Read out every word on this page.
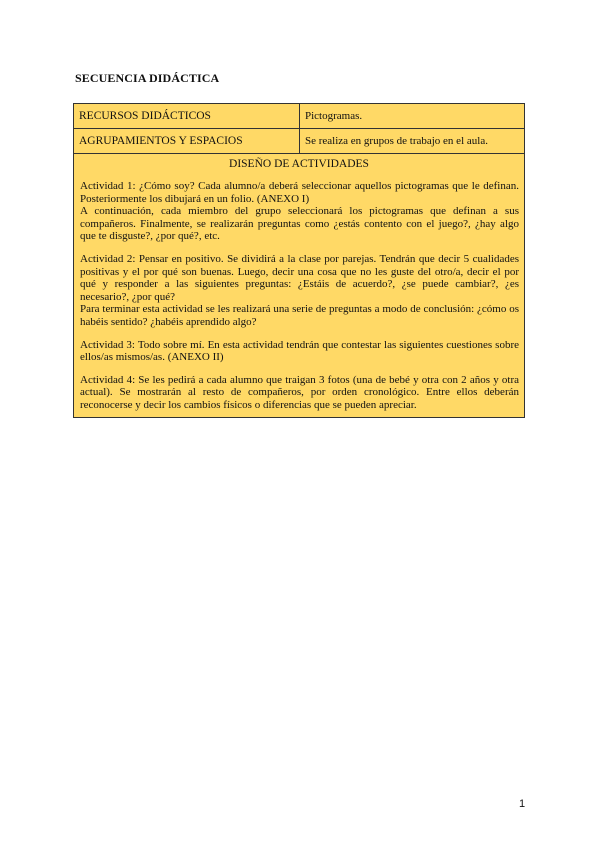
SECUENCIA DIDÁCTICA
RECURSOS DIDÁCTICOS	Pictogramas.
AGRUPAMIENTOS Y ESPACIOS	Se realiza en grupos de trabajo en el aula.
DISEÑO DE ACTIVIDADES

Actividad 1: ¿Cómo soy? Cada alumno/a deberá seleccionar aquellos pictogramas que le definan. Posteriormente los dibujará en un folio. (ANEXO I)
A continuación, cada miembro del grupo seleccionará los pictogramas que definan a sus compañeros. Finalmente, se realizarán preguntas como ¿estás contento con el juego?, ¿hay algo que te disguste?, ¿por qué?, etc.

Actividad 2: Pensar en positivo. Se dividirá a la clase por parejas. Tendrán que decir 5 cualidades positivas y el por qué son buenas. Luego, decir una cosa que no les guste del otro/a, decir el por qué y responder a las siguientes preguntas: ¿Estáis de acuerdo?, ¿se puede cambiar?, ¿es necesario?, ¿por qué?
Para terminar esta actividad se les realizará una serie de preguntas a modo de conclusión: ¿cómo os habéis sentido? ¿habéis aprendido algo?

Actividad 3: Todo sobre mí. En esta actividad tendrán que contestar las siguientes cuestiones sobre ellos/as mismos/as. (ANEXO II)

Actividad 4: Se les pedirá a cada alumno que traigan 3 fotos (una de bebé y otra con 2 años y otra actual). Se mostrarán al resto de compañeros, por orden cronológico. Entre ellos deberán reconocerse y decir los cambios físicos o diferencias que se pueden apreciar.

1
